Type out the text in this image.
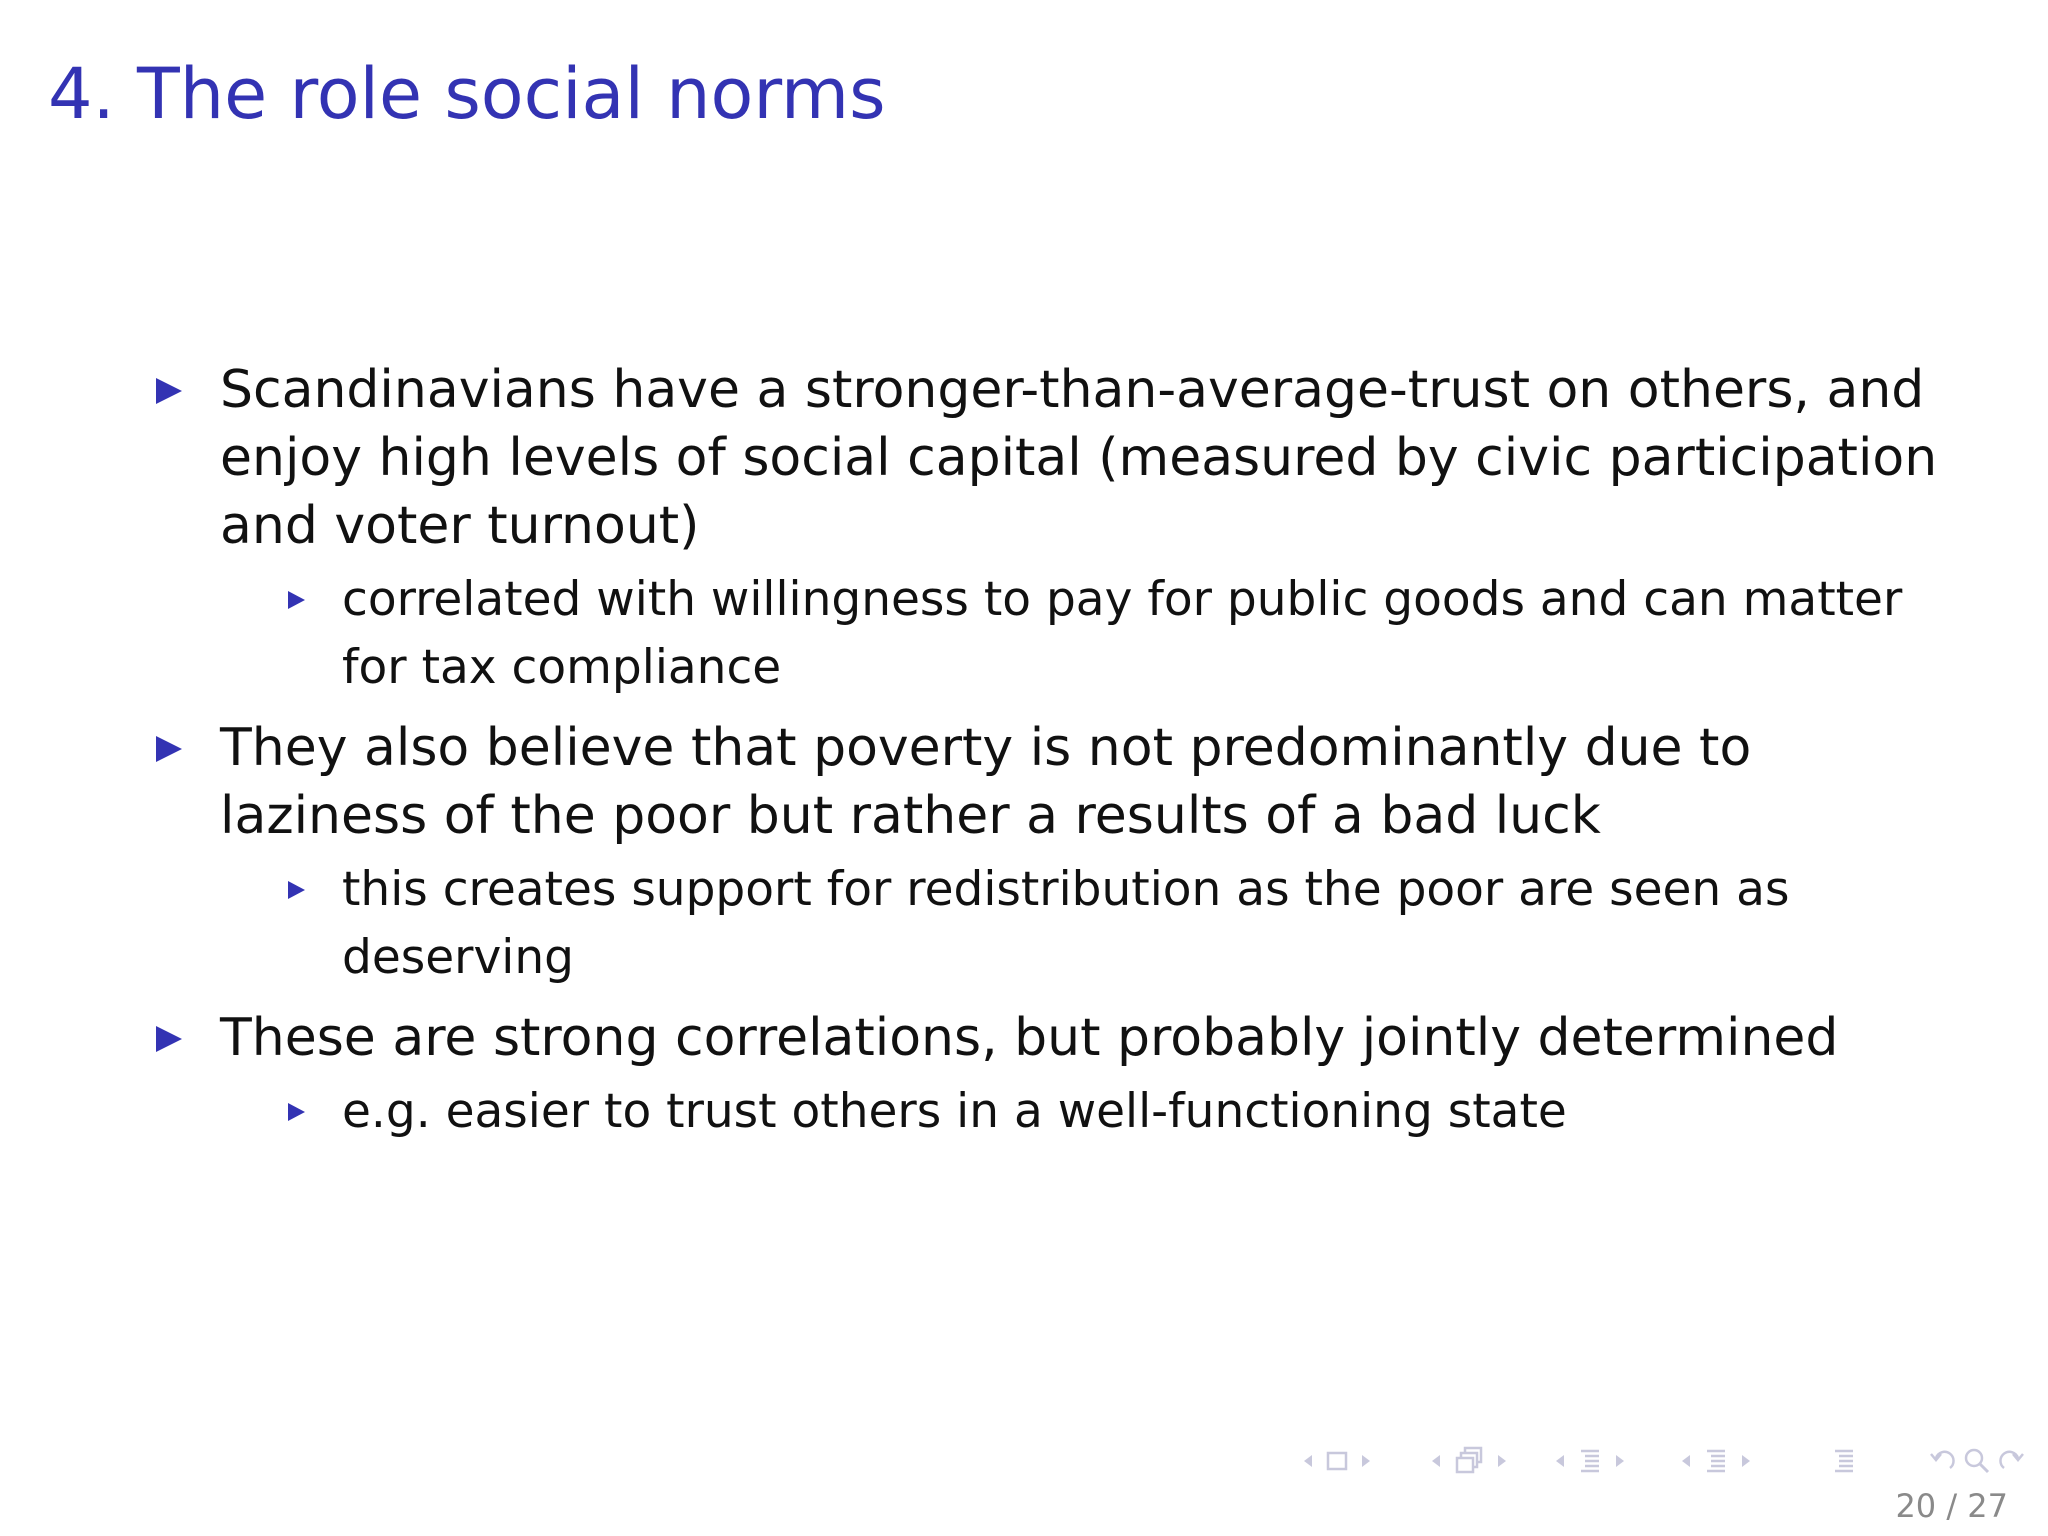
4. The role social norms
Scandinavians have a stronger-than-average-trust on others, and enjoy high levels of social capital (measured by civic participation and voter turnout)
correlated with willingness to pay for public goods and can matter for tax compliance
They also believe that poverty is not predominantly due to laziness of the poor but rather a results of a bad luck
this creates support for redistribution as the poor are seen as deserving
These are strong correlations, but probably jointly determined
e.g. easier to trust others in a well-functioning state
20 / 27
